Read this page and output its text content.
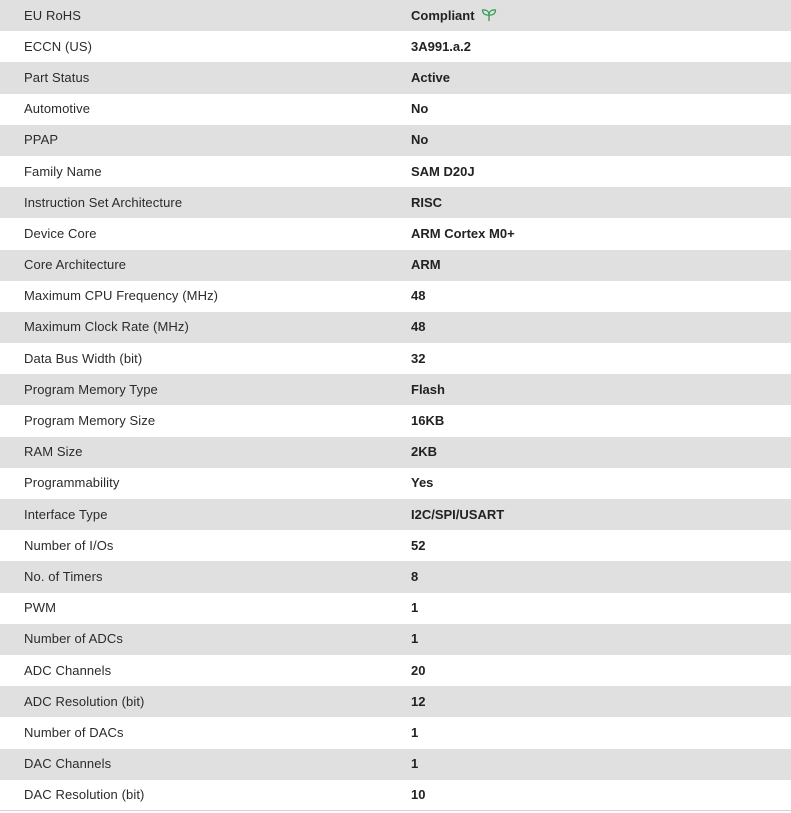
EU RoHS	Compliant
ECCN (US)	3A991.a.2
Part Status	Active
Automotive	No
PPAP	No
Family Name	SAM D20J
Instruction Set Architecture	RISC
Device Core	ARM Cortex M0+
Core Architecture	ARM
Maximum CPU Frequency (MHz)	48
Maximum Clock Rate (MHz)	48
Data Bus Width (bit)	32
Program Memory Type	Flash
Program Memory Size	16KB
RAM Size	2KB
Programmability	Yes
Interface Type	I2C/SPI/USART
Number of I/Os	52
No. of Timers	8
PWM	1
Number of ADCs	1
ADC Channels	20
ADC Resolution (bit)	12
Number of DACs	1
DAC Channels	1
DAC Resolution (bit)	10
